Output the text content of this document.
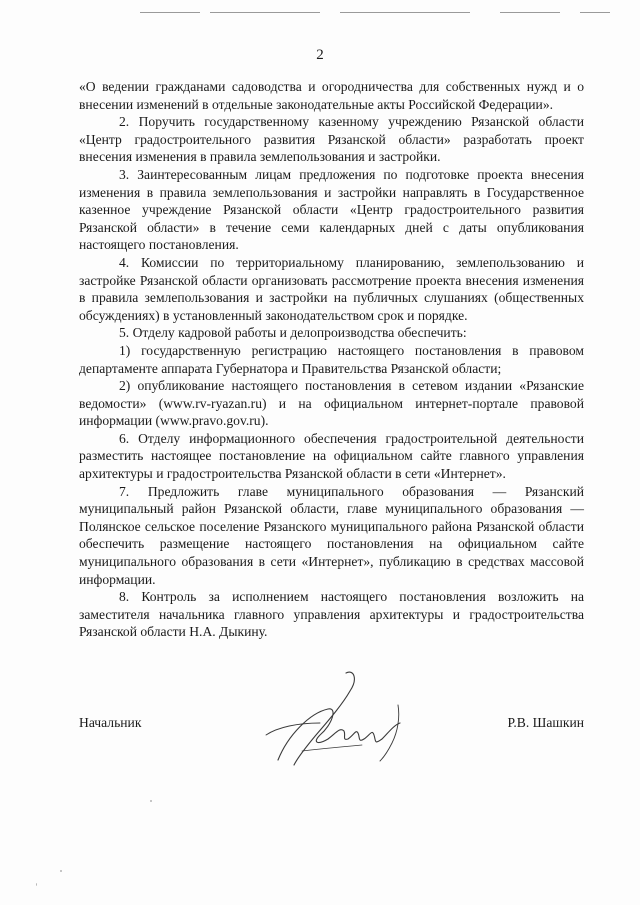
2

«О ведении гражданами садоводства и огородничества для собственных нужд и о внесении изменений в отдельные законодательные акты Российской Федерации».

2. Поручить государственному казенному учреждению Рязанской области «Центр градостроительного развития Рязанской области» разработать проект внесения изменения в правила землепользования и застройки.

3. Заинтересованным лицам предложения по подготовке проекта внесения изменения в правила землепользования и застройки направлять в Государственное казенное учреждение Рязанской области «Центр градостроительного развития Рязанской области» в течение семи календарных дней с даты опубликования настоящего постановления.

4. Комиссии по территориальному планированию, землепользованию и застройке Рязанской области организовать рассмотрение проекта внесения изменения в правила землепользования и застройки на публичных слушаниях (общественных обсуждениях) в установленный законодательством срок и порядке.

5. Отделу кадровой работы и делопроизводства обеспечить:

1) государственную регистрацию настоящего постановления в правовом департаменте аппарата Губернатора и Правительства Рязанской области;

2) опубликование настоящего постановления в сетевом издании «Рязанские ведомости» (www.rv-ryazan.ru) и на официальном интернет-портале правовой информации (www.pravo.gov.ru).

6. Отделу информационного обеспечения градостроительной деятельности разместить настоящее постановление на официальном сайте главного управления архитектуры и градостроительства Рязанской области в сети «Интернет».

7. Предложить главе муниципального образования — Рязанский муниципальный район Рязанской области, главе муниципального образования — Полянское сельское поселение Рязанского муниципального района Рязанской области обеспечить размещение настоящего постановления на официальном сайте муниципального образования в сети «Интернет», публикацию в средствах массовой информации.

8. Контроль за исполнением настоящего постановления возложить на заместителя начальника главного управления архитектуры и градостроительства Рязанской области Н.А. Дыкину.

Начальник	Р.В. Шашкин
